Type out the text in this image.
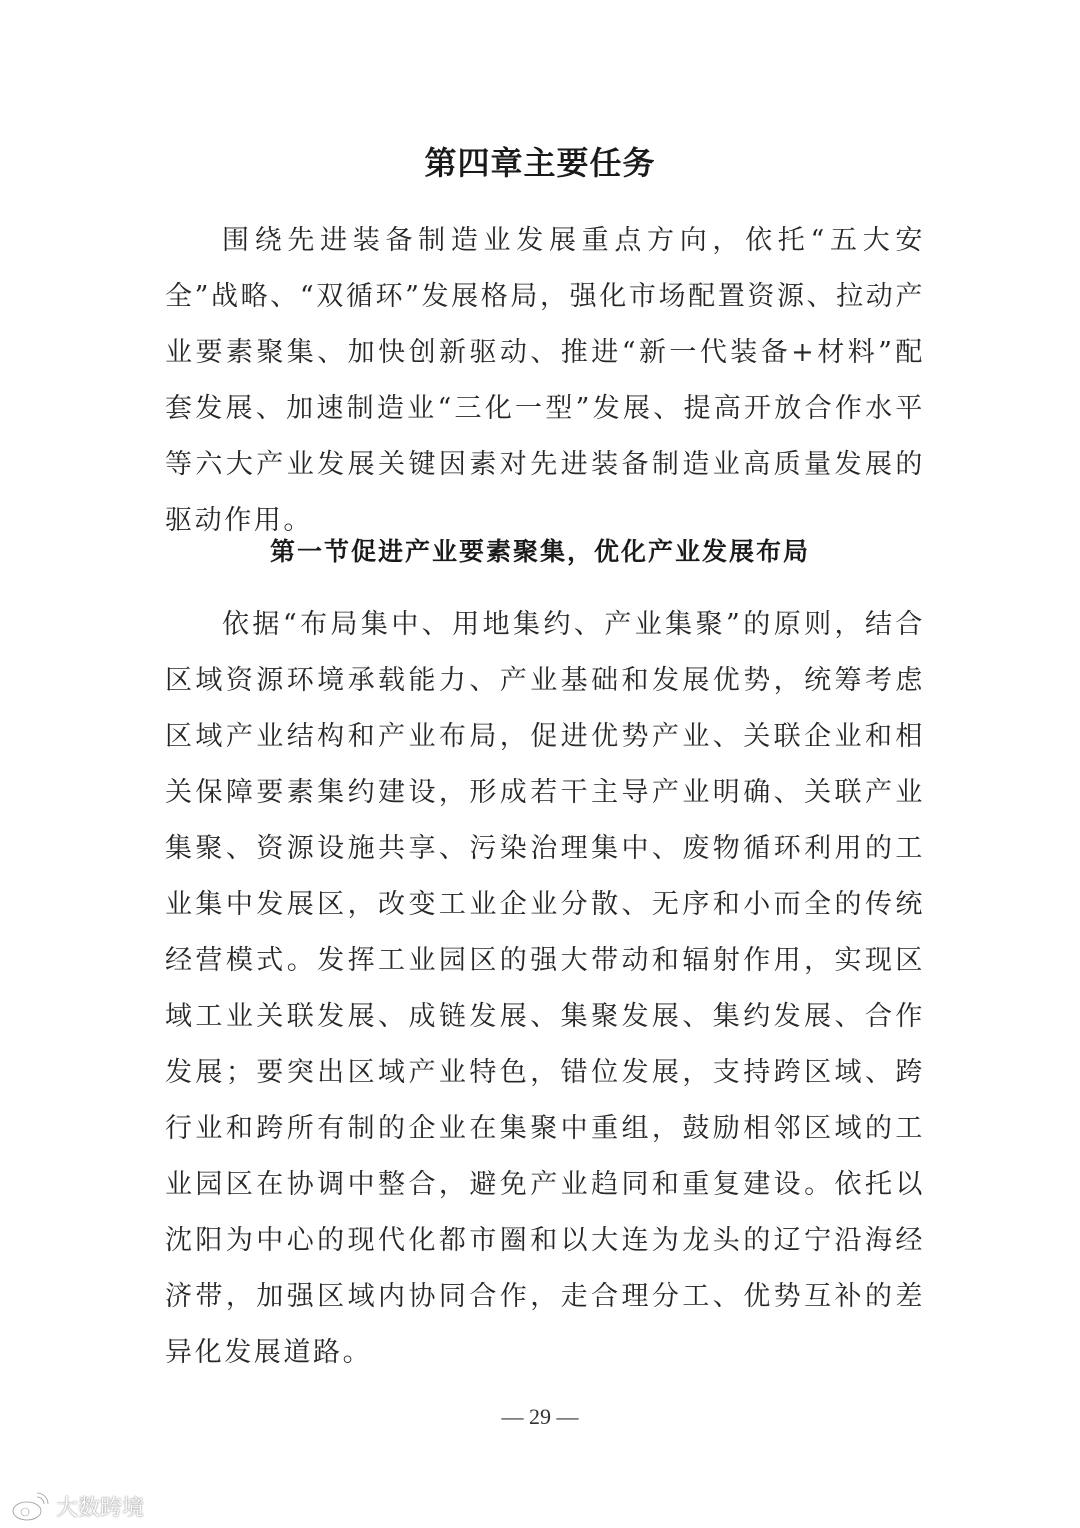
第四章主要任务

围绕先进装备制造业发展重点方向，依托“五大安全”战略、“双循环”发展格局，强化市场配置资源、拉动产业要素聚集、加快创新驱动、推进“新一代装备+材料”配套发展、加速制造业“三化一型”发展、提高开放合作水平等六大产业发展关键因素对先进装备制造业高质量发展的驱动作用。

第一节促进产业要素聚集，优化产业发展布局

依据“布局集中、用地集约、产业集聚”的原则，结合区域资源环境承载能力、产业基础和发展优势，统筹考虑区域产业结构和产业布局，促进优势产业、关联企业和相关保障要素集约建设，形成若干主导产业明确、关联产业集聚、资源设施共享、污染治理集中、废物循环利用的工业集中发展区，改变工业企业分散、无序和小而全的传统经营模式。发挥工业园区的强大带动和辐射作用，实现区域工业关联发展、成链发展、集聚发展、集约发展、合作发展；要突出区域产业特色，错位发展，支持跨区域、跨行业和跨所有制的企业在集聚中重组，鼓励相邻区域的工业园区在协调中整合，避免产业趋同和重复建设。依托以沈阳为中心的现代化都市圈和以大连为龙头的辽宁沿海经济带，加强区域内协同合作，走合理分工、优势互补的差异化发展道路。

— 29 —
大数跨境
